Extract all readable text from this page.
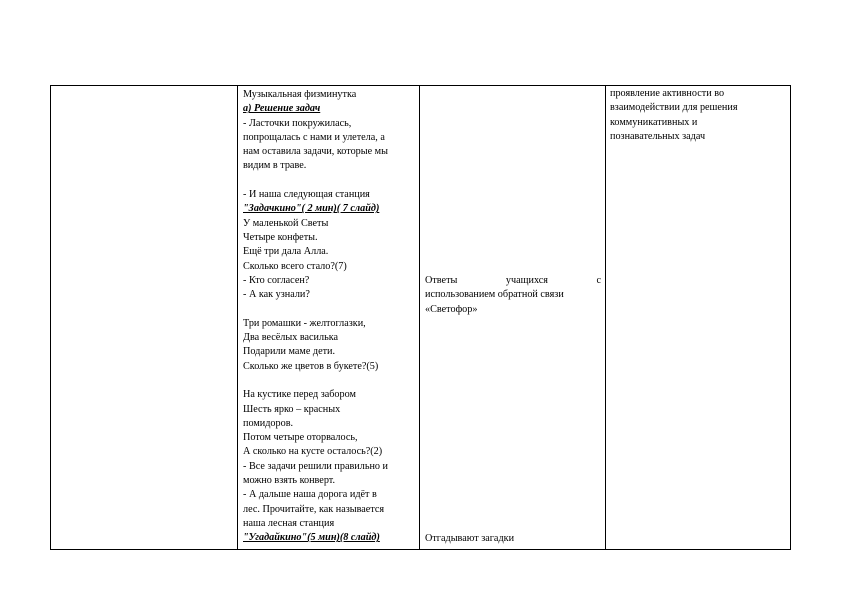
Музыкальная физминутка

а) Решение задач

- Ласточки покружилась,

попрощалась с нами и улетела, а

нам оставила задачи, которые мы

видим в траве.

- И наша следующая станция

"Задачкино"( 2 мин)( 7 слайд)

У маленькой Светы

Четыре конфеты.

Ещё три дала Алла.

Сколько всего стало?(7)

- Кто согласен?

- А как узнали?

Три ромашки - желтоглазки,

Два весёлых василька

Подарили маме дети.

Сколько же цветов в букете?(5)

На кустике перед забором

Шесть ярко – красных

помидоров.

Потом четыре оторвалось,

А сколько на кусте осталось?(2)

- Все задачи решили правильно и

можно взять конверт.

- А дальше наша дорога идёт в

лес. Прочитайте, как называется

наша лесная станция

"Угадайкино"(5 мин)(8 слайд)

Ответы	учащихся	с
использованием обратной связи
«Светофор»

Отгадывают загадки

проявление активности во

взаимодействии для решения

коммуникативных и

познавательных задач
